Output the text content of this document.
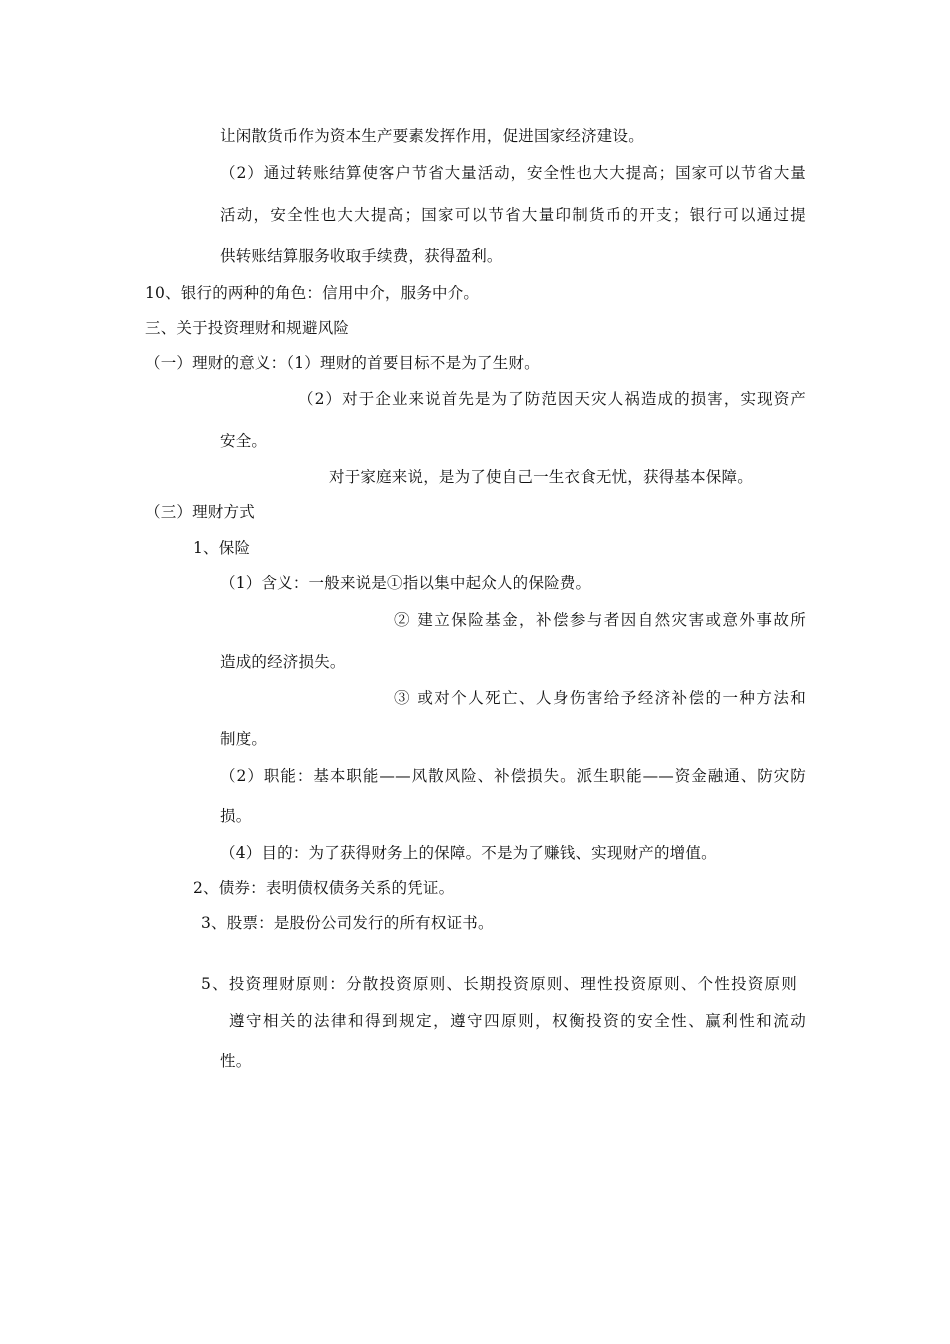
让闲散货币作为资本生产要素发挥作用，促进国家经济建设。
（2）通过转账结算使客户节省大量活动，安全性也大大提高；国家可以节省大量
活动，安全性也大大提高；国家可以节省大量印制货币的开支；银行可以通过提
供转账结算服务收取手续费，获得盈利。
10、银行的两种的角色：信用中介，服务中介。
三、关于投资理财和规避风险
（一）理财的意义：（1）理财的首要目标不是为了生财。
（2）对于企业来说首先是为了防范因天灾人祸造成的损害，实现资产
安全。
对于家庭来说，是为了使自己一生衣食无忧，获得基本保障。
（三）理财方式
1、保险
（1）含义：一般来说是①指以集中起众人的保险费。
② 建立保险基金，补偿参与者因自然灾害或意外事故所
造成的经济损失。
③ 或对个人死亡、人身伤害给予经济补偿的一种方法和
制度。
（2）职能：基本职能——风散风险、补偿损失。派生职能——资金融通、防灾防
损。
（4）目的：为了获得财务上的保障。不是为了赚钱、实现财产的增值。
2、债券：表明债权债务关系的凭证。
3、股票：是股份公司发行的所有权证书。
5、投资理财原则：分散投资原则、长期投资原则、理性投资原则、个性投资原则
遵守相关的法律和得到规定，遵守四原则，权衡投资的安全性、赢利性和流动
性。
